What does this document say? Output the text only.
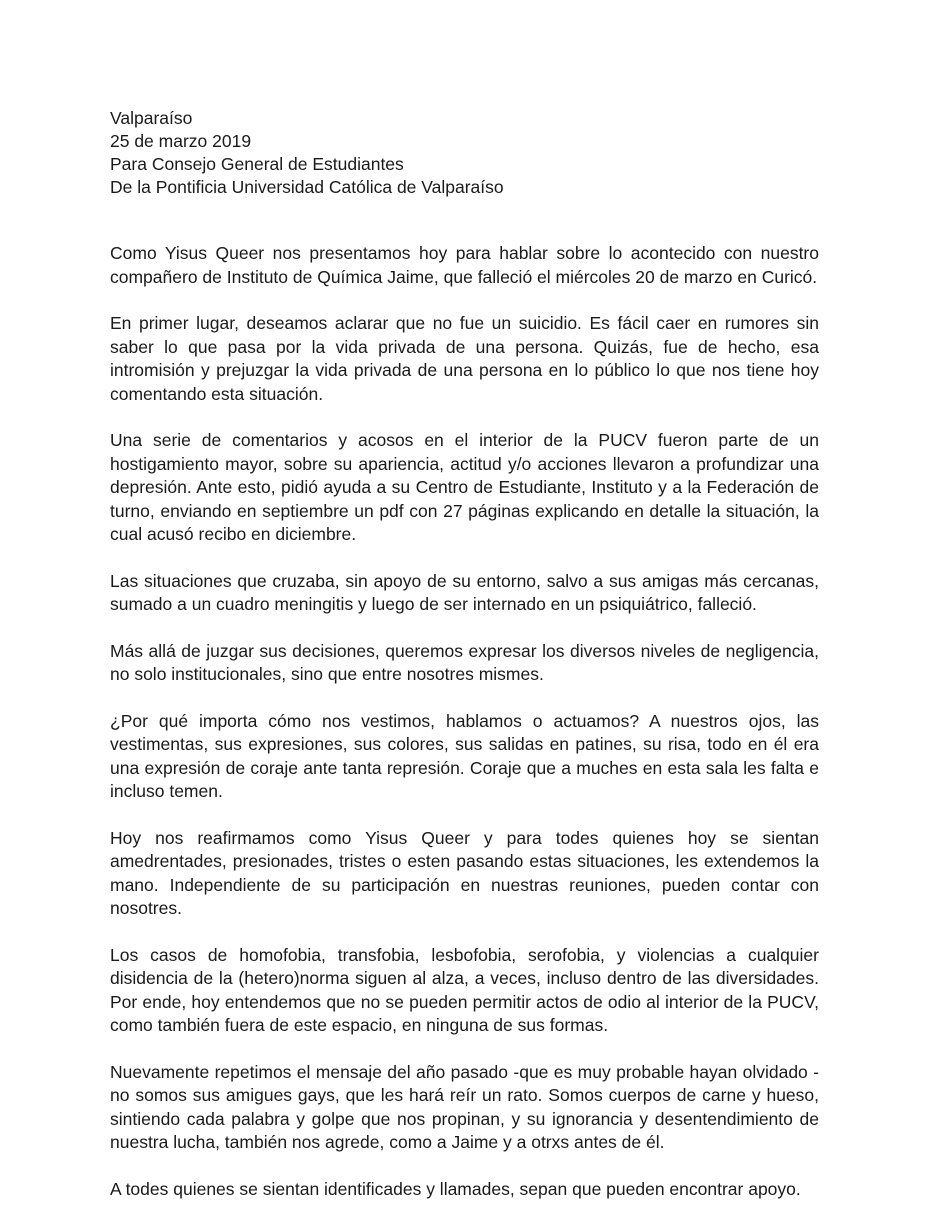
Valparaíso

25 de marzo 2019

Para Consejo General de Estudiantes

De la Pontificia Universidad Católica de Valparaíso

Como Yisus Queer nos presentamos hoy para hablar sobre lo acontecido con nuestro compañero de Instituto de Química Jaime, que falleció el miércoles 20 de marzo en Curicó.

En primer lugar, deseamos aclarar que no fue un suicidio. Es fácil caer en rumores sin saber lo que pasa por la vida privada de una persona. Quizás, fue de hecho, esa intromisión y prejuzgar la vida privada de una persona en lo público lo que nos tiene hoy comentando esta situación.

Una serie de comentarios y acosos en el interior de la PUCV fueron parte de un hostigamiento mayor, sobre su apariencia, actitud y/o acciones llevaron a profundizar una depresión. Ante esto, pidió ayuda a su Centro de Estudiante, Instituto y a la Federación de turno, enviando en septiembre un pdf con 27 páginas explicando en detalle la situación, la cual acusó recibo en diciembre.

Las situaciones que cruzaba, sin apoyo de su entorno, salvo a sus amigas más cercanas, sumado a un cuadro meningitis y luego de ser internado en un psiquiátrico, falleció.

Más allá de juzgar sus decisiones, queremos expresar los diversos niveles de negligencia, no solo institucionales, sino que entre nosotres mismes.

¿Por qué importa cómo nos vestimos, hablamos o actuamos? A nuestros ojos, las vestimentas, sus expresiones, sus colores, sus salidas en patines, su risa, todo en él era una expresión de coraje ante tanta represión. Coraje que a muches en esta sala les falta e incluso temen.

Hoy nos reafirmamos como Yisus Queer y para todes quienes hoy se sientan amedrentades, presionades, tristes o esten pasando estas situaciones, les extendemos la mano. Independiente de su participación en nuestras reuniones, pueden contar con nosotres.

Los casos de homofobia, transfobia, lesbofobia, serofobia, y violencias a cualquier disidencia de la (hetero)norma siguen al alza, a veces, incluso dentro de las diversidades. Por ende, hoy entendemos que no se pueden permitir actos de odio al interior de la PUCV, como también fuera de este espacio, en ninguna de sus formas.

Nuevamente repetimos el mensaje del año pasado -que es muy probable hayan olvidado - no somos sus amigues gays, que les hará reír un rato. Somos cuerpos de carne y hueso, sintiendo cada palabra y golpe que nos propinan, y su ignorancia y desentendimiento de nuestra lucha, también nos agrede, como a Jaime y a otrxs antes de él.

A todes quienes se sientan identificades y llamades, sepan que pueden encontrar apoyo.
